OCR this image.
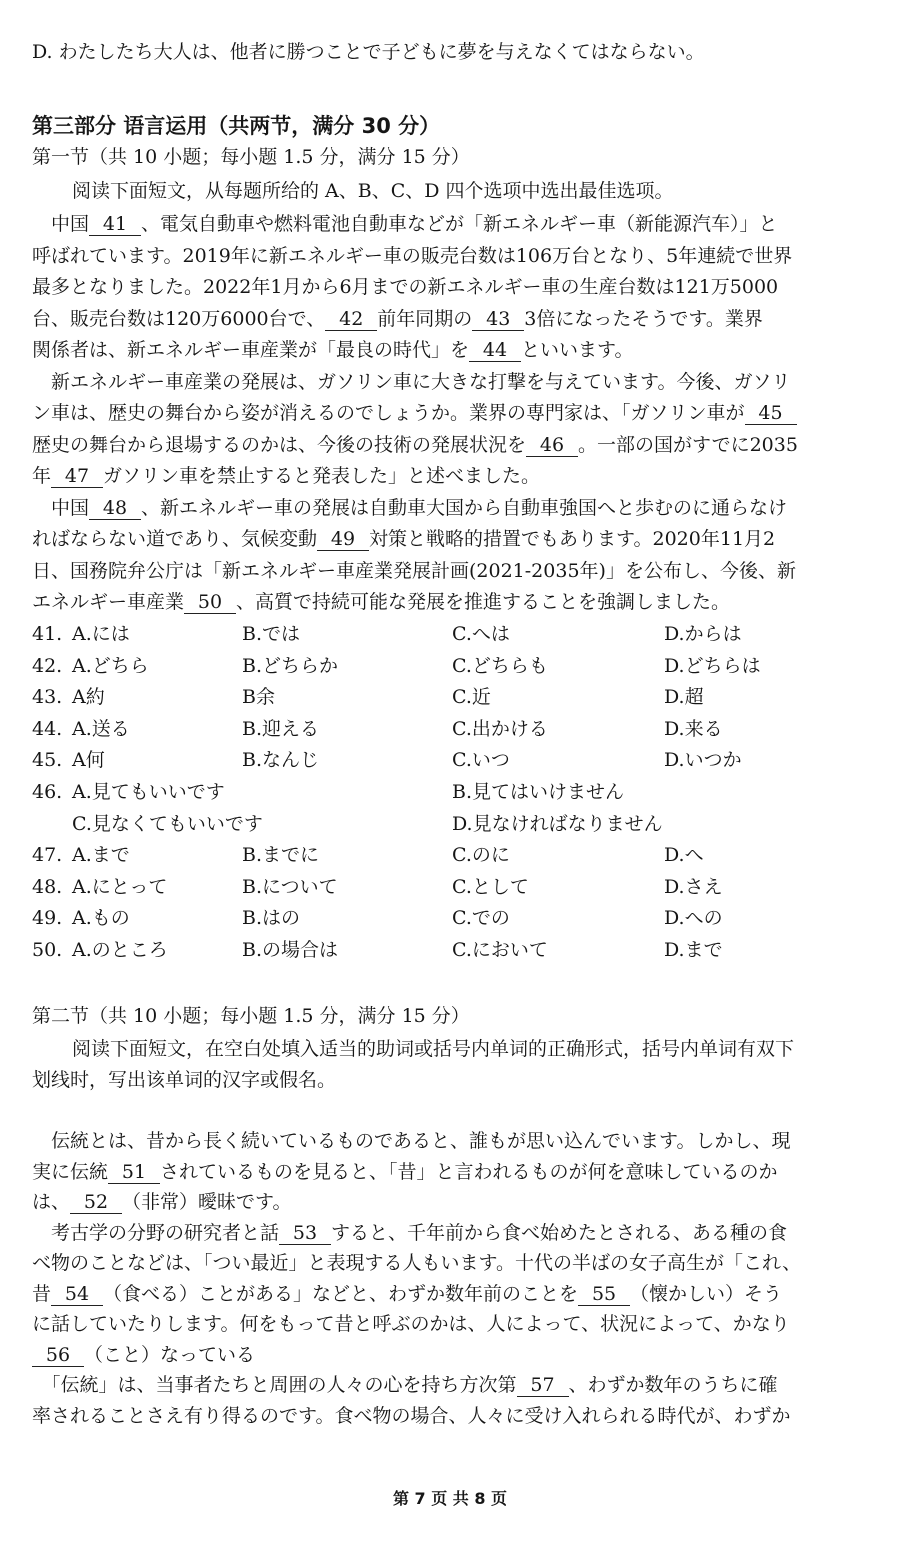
D. わたしたち大人は、他者に勝つことで子どもに夢を与えなくてはならない。
第三部分 语言运用（共两节，满分 30 分）
第一节（共 10 小题；每小题 1.5 分，满分 15 分）
阅读下面短文，从每题所给的 A、B、C、D 四个选项中选出最佳选项。
　中国 41 、電気自動車や燃料電池自動車などが「新エネルギー車（新能源汽车）」と
呼ばれています。2019年に新エネルギー車の販売台数は106万台となり、5年連続で世界
最多となりました。2022年1月から6月までの新エネルギー車の生産台数は121万5000
台、販売台数は120万6000台で、 42 前年同期の 43 3倍になったそうです。業界
関係者は、新エネルギー車産業が「最良の時代」を 44 といいます。
　新エネルギー車産業の発展は、ガソリン車に大きな打撃を与えています。今後、ガソリ
ン車は、歴史の舞台から姿が消えるのでしょうか。業界の専門家は、「ガソリン車が 45
歴史の舞台から退場するのかは、今後の技術の発展状況を 46 。一部の国がすでに2035
年 47 ガソリン車を禁止すると発表した」と述べました。
　中国 48 、新エネルギー車の発展は自動車大国から自動車強国へと歩むのに通らなけ
ればならない道であり、気候変動 49 対策と戦略的措置でもあります。2020年11月2
日、国務院弁公庁は「新エネルギー車産業発展計画(2021-2035年)」を公布し、今後、新
エネルギー車産業 50 、高質で持続可能な発展を推進することを強調しました。
41. A.には	B.では	C.へは	D.からは
42. A.どちら	B.どちらか	C.どちらも	D.どちらは
43. A約	B余	C.近	D.超
44. A.送る	B.迎える	C.出かける	D.来る
45. A何	B.なんじ	C.いつ	D.いつか
46. A.見てもいいです	B.見てはいけません
C.見なくてもいいです	D.見なければなりません
47. A.まで	B.までに	C.のに	D.へ
48. A.にとって	B.について	C.として	D.さえ
49. A.もの	B.はの	C.での	D.への
50. A.のところ	B.の場合は	C.において	D.まで
第二节（共 10 小题；每小题 1.5 分，满分 15 分）
阅读下面短文，在空白处填入适当的助词或括号内单词的正确形式，括号内单词有双下
划线时，写出该单词的汉字或假名。
　伝統とは、昔から長く続いているものであると、誰もが思い込んでいます。しかし、現
実に伝統 51 されているものを見ると、「昔」と言われるものが何を意味しているのか
は、 52 （非常）曖昧です。
　考古学の分野の研究者と話 53 すると、千年前から食べ始めたとされる、ある種の食
べ物のことなどは、「つい最近」と表現する人もいます。十代の半ばの女子高生が「これ、
昔 54 （食べる）ことがある」などと、わずか数年前のことを 55 （懐かしい）そう
に話していたりします。何をもって昔と呼ぶのかは、人によって、状況によって、かなり
56 （こと）なっている
　「伝統」は、当事者たちと周囲の人々の心を持ち方次第 57 、わずか数年のうちに確
率されることさえ有り得るのです。食べ物の場合、人々に受け入れられる時代が、わずか
第 7 页 共 8 页
